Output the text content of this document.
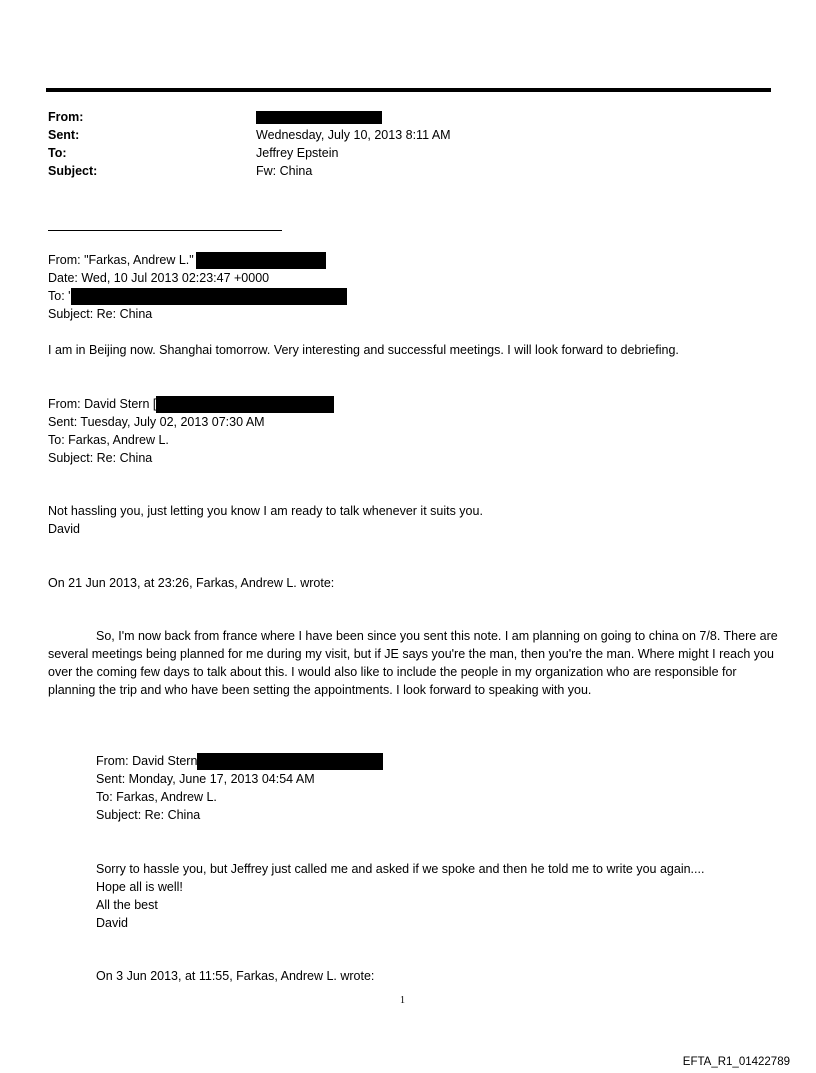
From:
Sent:	Wednesday, July 10, 2013 8:11 AM
To:	Jeffrey Epstein
Subject:	Fw: China
From: "Farkas, Andrew L."
Date: Wed, 10 Jul 2013 02:23:47 +0000
To: '
Subject: Re: China
I am in Beijing now. Shanghai tomorrow. Very interesting and successful meetings. I will look forward to debriefing.
From: David Stern [
Sent: Tuesday, July 02, 2013 07:30 AM
To: Farkas, Andrew L.
Subject: Re: China
Not hassling you, just letting you know I am ready to talk whenever it suits you.
David
On 21 Jun 2013, at 23:26, Farkas, Andrew L. wrote:
So, I'm now back from france where I have been since you sent this note. I am planning on going to china on 7/8. There are several meetings being planned for me during my visit, but if JE says you're the man, then you're the man. Where might I reach you over the coming few days to talk about this. I would also like to include the people in my organization who are responsible for planning the trip and who have been setting the appointments. I look forward to speaking with you.
From: David Stern
Sent: Monday, June 17, 2013 04:54 AM
To: Farkas, Andrew L.
Subject: Re: China
Sorry to hassle you, but Jeffrey just called me and asked if we spoke and then he told me to write you again....
Hope all is well!
All the best
David
On 3 Jun 2013, at 11:55, Farkas, Andrew L. wrote:
1
EFTA_R1_01422789
